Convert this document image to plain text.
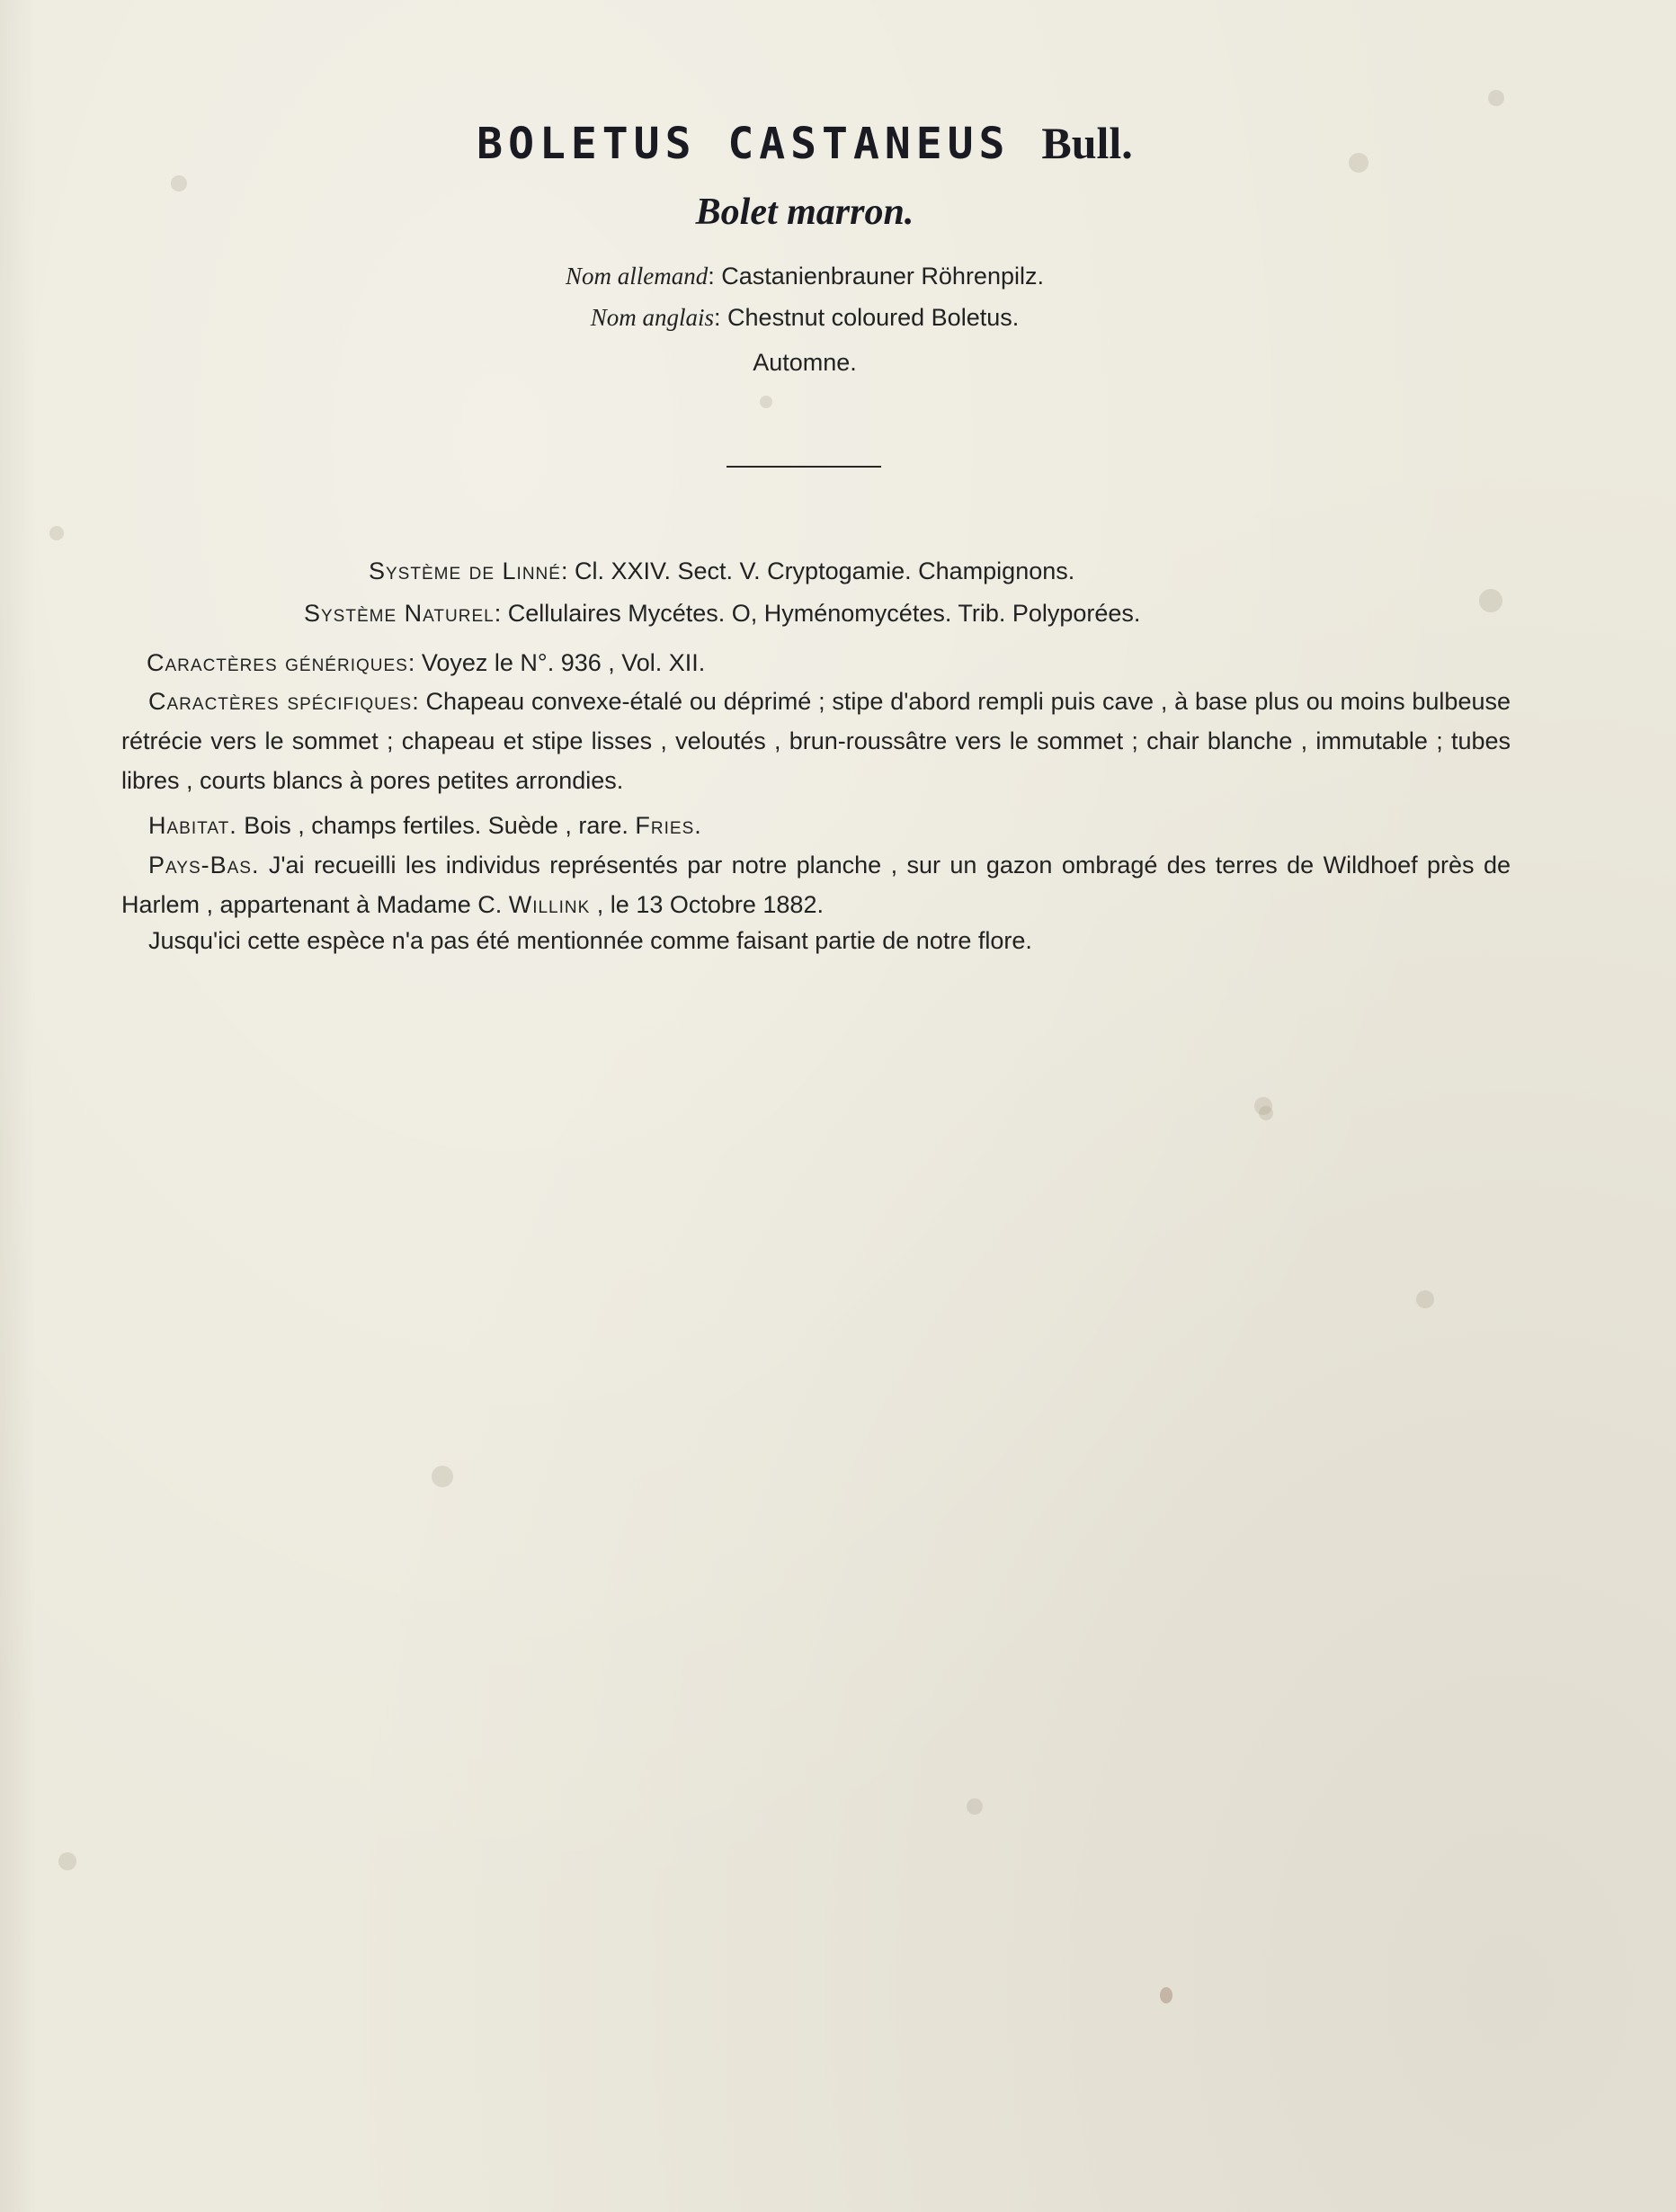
BOLETUS CASTANEUS Bull.
Bolet marron.
Nom allemand: Castanienbrauner Röhrenpilz.
Nom anglais: Chestnut coloured Boletus.
Automne.
Système de Linné: Cl. XXIV. Sect. V. Cryptogamie. Champignons.
Système Naturel: Cellulaires Mycétes. O, Hyménomycétes. Trib. Polyporées.
Caractères génériques: Voyez le N°. 936 , Vol. XII.
Caractères spécifiques: Chapeau convexe-étalé ou déprimé ; stipe d'abord rempli puis cave , à base plus ou moins bulbeuse rétrécie vers le sommet ; chapeau et stipe lisses , veloutés , brun-roussâtre vers le sommet ; chair blanche , immutable ; tubes libres , courts blancs à pores petites arrondies.
Habitat. Bois , champs fertiles. Suède , rare. Fries.
Pays-Bas. J'ai recueilli les individus représentés par notre planche , sur un gazon ombragé des terres de Wildhoef près de Harlem , appartenant à Madame C. Willink , le 13 Octobre 1882.
Jusqu'ici cette espèce n'a pas été mentionnée comme faisant partie de notre flore.
